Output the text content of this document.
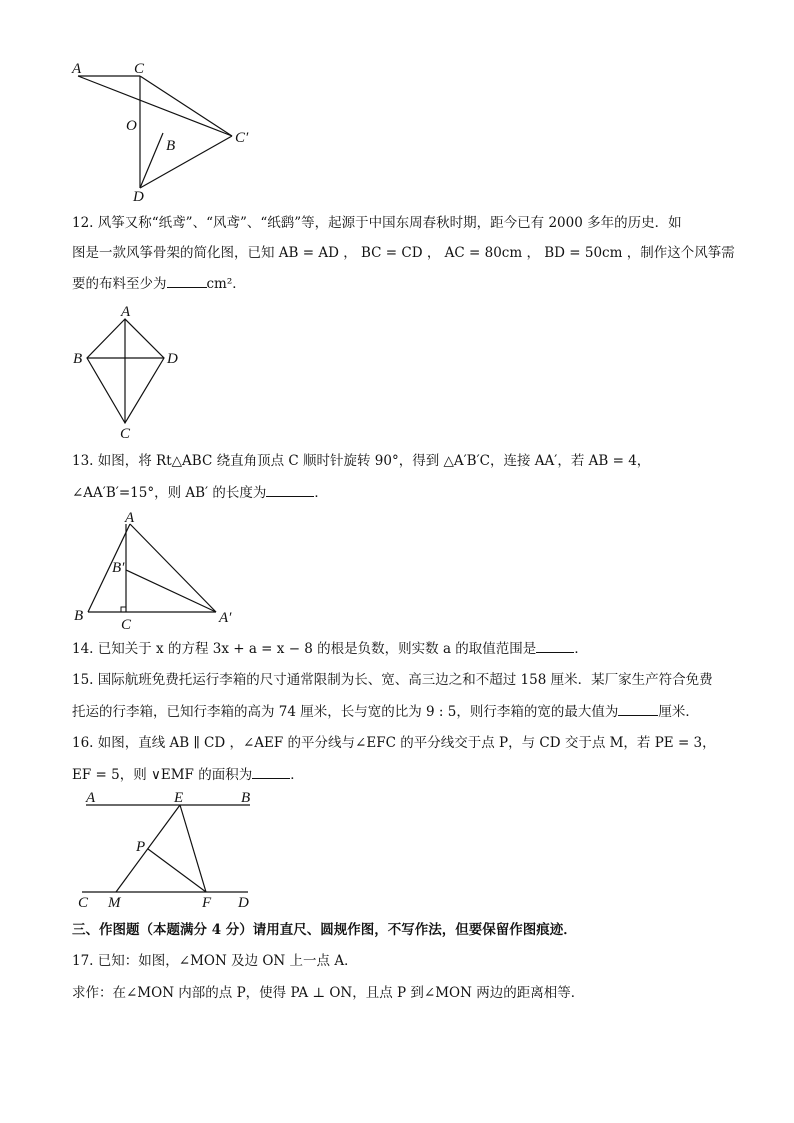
A	C
O
B	C′
D
12. 风筝又称“纸鸢”、“风鸢”、“纸鹞”等，起源于中国东周春秋时期，距今已有 2000 多年的历史．如
图是一款风筝骨架的简化图，已知 AB = AD ， BC = CD ， AC = 80cm ， BD = 50cm ，制作这个风筝需
要的布料至少为	cm²．
A
B
C
D
13. 如图，将 Rt△ABC 绕直角顶点 C 顺时针旋转 90°，得到 △A′B′C，连接 AA′，若 AB = 4，
∠AA′B′=15°，则 AB′ 的长度为	．
A
B′
B
C	A′
14. 已知关于 x 的方程 3x + a = x − 8 的根是负数，则实数 a 的取值范围是	．
15. 国际航班免费托运行李箱的尺寸通常限制为长、宽、高三边之和不超过 158 厘米．某厂家生产符合免费
托运的行李箱，已知行李箱的高为 74 厘米，长与宽的比为 9 : 5，则行李箱的宽的最大值为	厘米．
16. 如图，直线 AB ∥ CD ，∠AEF 的平分线与∠EFC 的平分线交于点 P，与 CD 交于点 M，若 PE = 3，
EF = 5，则 ∨EMF 的面积为	．
A	E	B
P
C M	F D
三、作图题（本题满分 4 分）请用直尺、圆规作图，不写作法，但要保留作图痕迹．
17. 已知：如图，∠MON 及边 ON 上一点 A．
求作：在∠MON 内部的点 P，使得 PA ⊥ ON，且点 P 到∠MON 两边的距离相等．
